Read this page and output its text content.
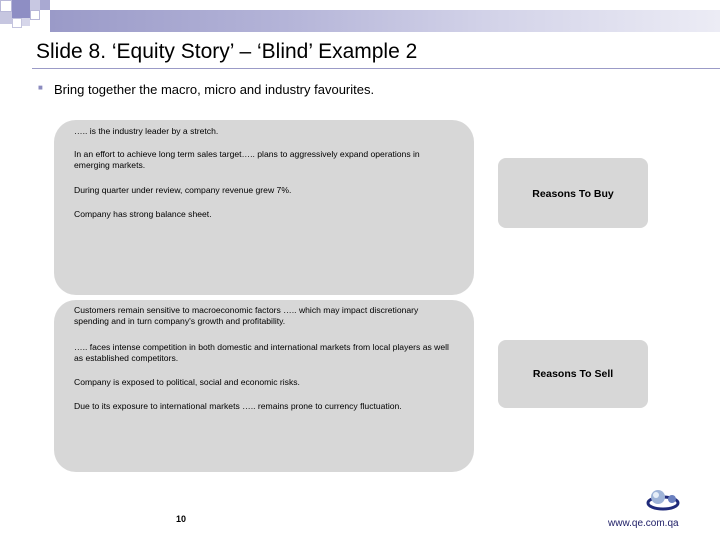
Slide 8. ‘Equity Story’ – ‘Blind’ Example 2
■ Bring together the macro, micro and industry favourites.

….. is the industry leader by a stretch.

In an effort to achieve long term sales target….. plans to aggressively expand operations in emerging markets.

During quarter under review, company revenue grew 7%.

Company has strong balance sheet.

Reasons To Buy

Customers remain sensitive to macroeconomic factors ….. which may impact discretionary spending and in turn company's growth and profitability.

….. faces intense competition in both domestic and international markets from local players as well as established competitors.

Company is exposed to political, social and economic risks.

Due to its exposure to international markets ….. remains prone to currency fluctuation.

Reasons To Sell
10	www.qe.com.qa
